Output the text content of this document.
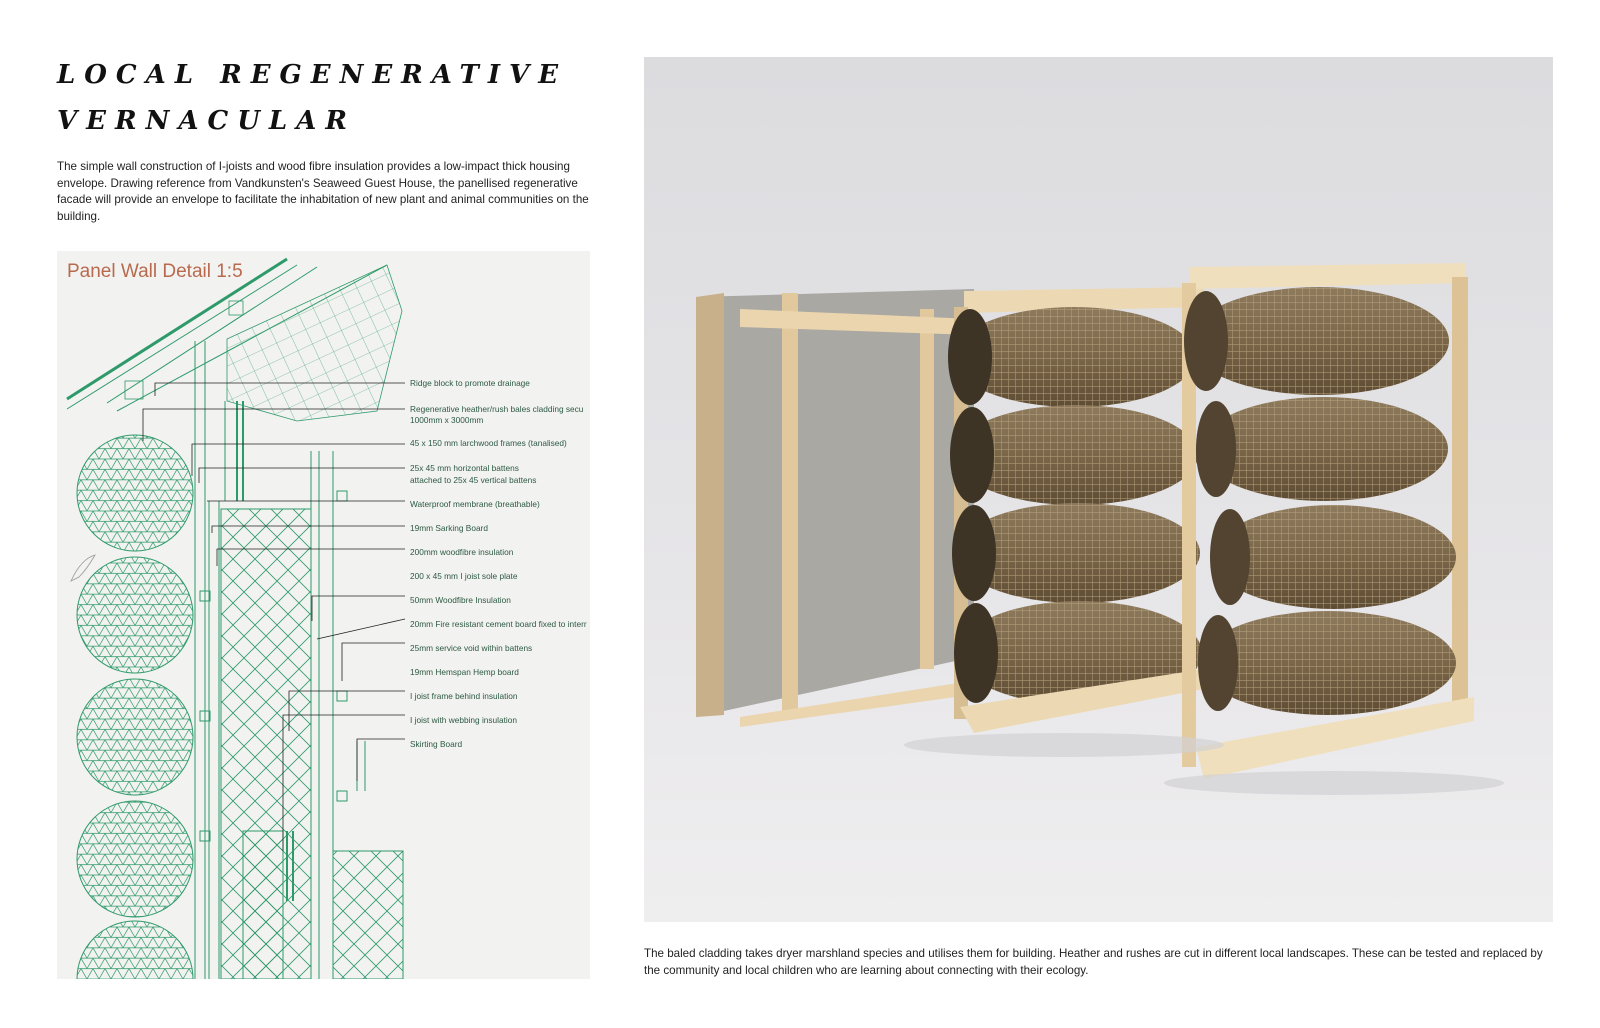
LOCAL REGENERATIVE
VERNACULAR

The simple wall construction of I-joists and wood fibre insulation provides a low-impact thick housing envelope. Drawing reference from Vandkunsten's Seaweed Guest House, the panellised regenerative facade will provide an envelope to facilitate the inhabitation of new plant and animal communities on the building.

Panel Wall Detail 1:5
Ridge block to promote drainage
Regenerative heather/rush bales cladding secu
1000mm x 3000mm
45 x 150 mm larchwood frames (tanalised)
25x 45 mm horizontal battens
attached to 25x 45 vertical battens
Waterproof membrane (breathable)
19mm Sarking Board
200mm woodfibre insulation
200 x 45 mm I joist sole plate
50mm Woodfibre Insulation
20mm Fire resistant cement board fixed to interr
25mm service void within battens
19mm Hemspan Hemp board
I joist frame behind insulation
I joist with webbing insulation
Skirting Board

The baled cladding takes dryer marshland species and utilises them for building. Heather and rushes are cut in different local landscapes. These can be tested and replaced by the community and local children who are learning about connecting with their ecology.
